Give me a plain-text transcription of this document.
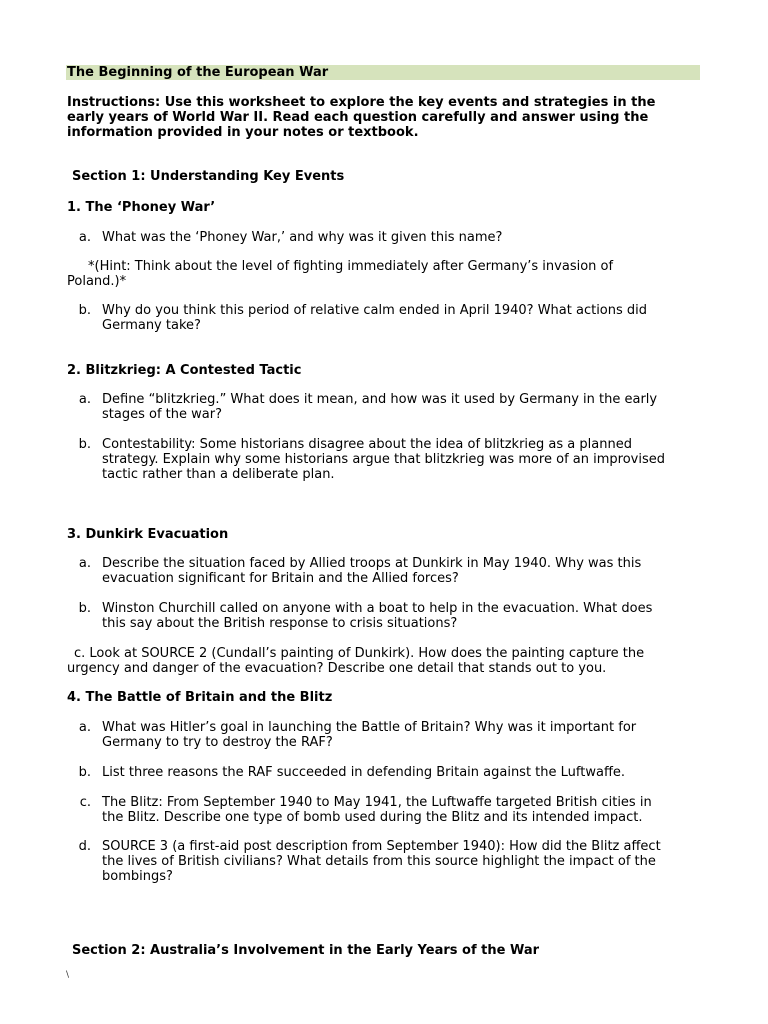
The Beginning of the European War
Instructions: Use this worksheet to explore the key events and strategies in the
early years of World War II. Read each question carefully and answer using the
information provided in your notes or textbook.
Section 1: Understanding Key Events
1. The ‘Phoney War’
a. What was the ‘Phoney War,’ and why was it given this name?
*(Hint: Think about the level of fighting immediately after Germany’s invasion of
Poland.)*
b. Why do you think this period of relative calm ended in April 1940? What actions did
Germany take?
2. Blitzkrieg: A Contested Tactic
a. Define “blitzkrieg.” What does it mean, and how was it used by Germany in the early
stages of the war?
b. Contestability: Some historians disagree about the idea of blitzkrieg as a planned
strategy. Explain why some historians argue that blitzkrieg was more of an improvised
tactic rather than a deliberate plan.
3. Dunkirk Evacuation
a. Describe the situation faced by Allied troops at Dunkirk in May 1940. Why was this
evacuation significant for Britain and the Allied forces?
b. Winston Churchill called on anyone with a boat to help in the evacuation. What does
this say about the British response to crisis situations?
c. Look at SOURCE 2 (Cundall’s painting of Dunkirk). How does the painting capture the
urgency and danger of the evacuation? Describe one detail that stands out to you.
4. The Battle of Britain and the Blitz
a. What was Hitler’s goal in launching the Battle of Britain? Why was it important for
Germany to try to destroy the RAF?
b. List three reasons the RAF succeeded in defending Britain against the Luftwaffe.
c. The Blitz: From September 1940 to May 1941, the Luftwaffe targeted British cities in
the Blitz. Describe one type of bomb used during the Blitz and its intended impact.
d. SOURCE 3 (a first-aid post description from September 1940): How did the Blitz affect
the lives of British civilians? What details from this source highlight the impact of the
bombings?
Section 2: Australia’s Involvement in the Early Years of the War
\
